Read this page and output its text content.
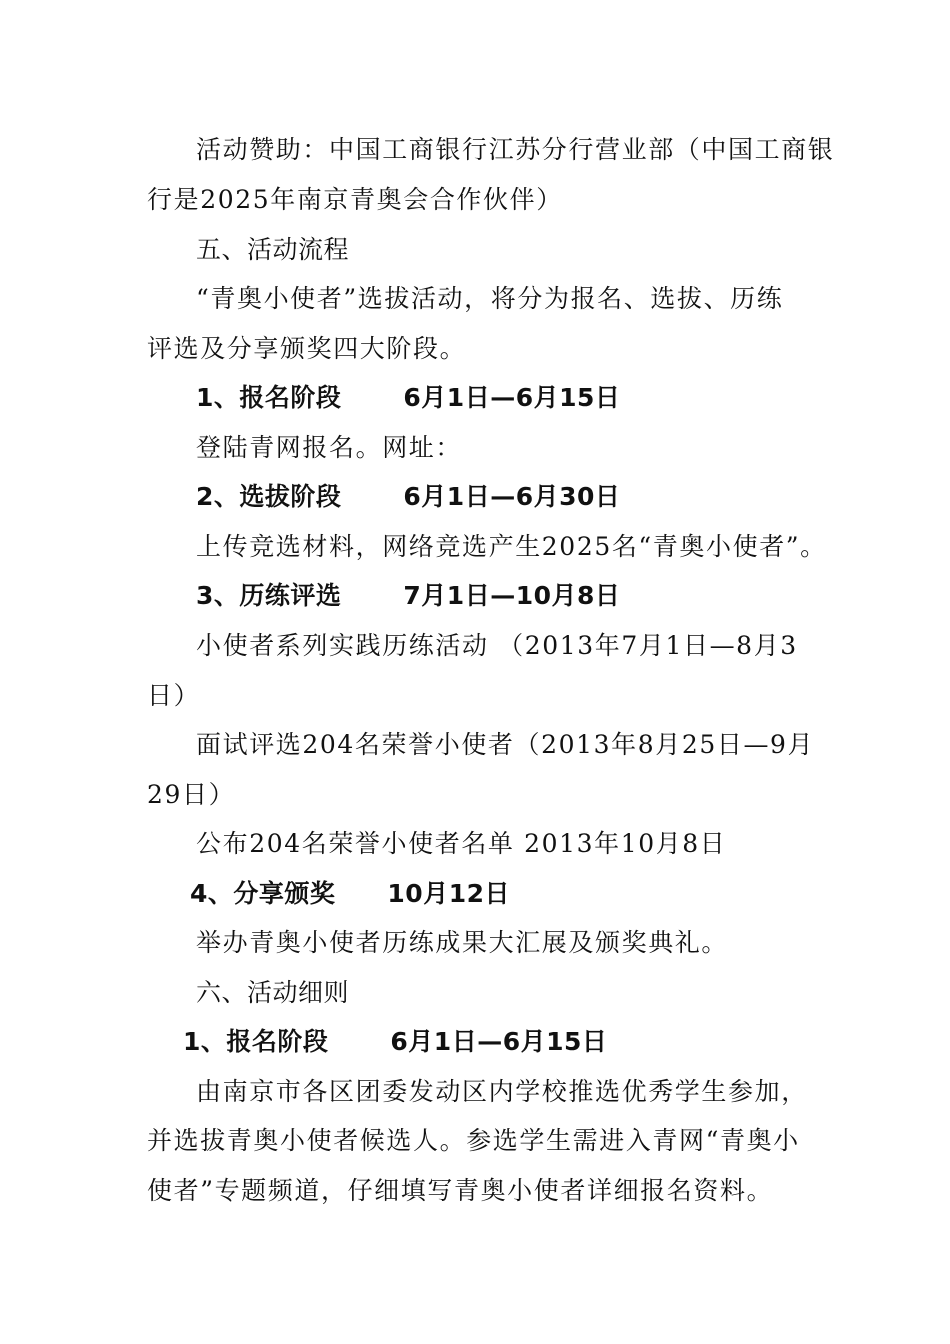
活动赞助：中国工商银行江苏分行营业部（中国工商银
行是2025年南京青奥会合作伙伴）
五、活动流程
“青奥小使者”选拔活动，将分为报名、选拔、历练
评选及分享颁奖四大阶段。
1、报名阶段 6月1日—6月15日
登陆青网报名。网址：
2、选拔阶段 6月1日—6月30日
上传竞选材料，网络竞选产生2025名“青奥小使者”。
3、历练评选 7月1日—10月8日
小使者系列实践历练活动 （2013年7月1日—8月3
日）
面试评选204名荣誉小使者（2013年8月25日—9月
29日）
公布204名荣誉小使者名单 2013年10月8日
4、分享颁奖 10月12日
举办青奥小使者历练成果大汇展及颁奖典礼。
六、活动细则
1、报名阶段 6月1日—6月15日
由南京市各区团委发动区内学校推选优秀学生参加，
并选拔青奥小使者候选人。参选学生需进入青网“青奥小
使者”专题频道，仔细填写青奥小使者详细报名资料。
